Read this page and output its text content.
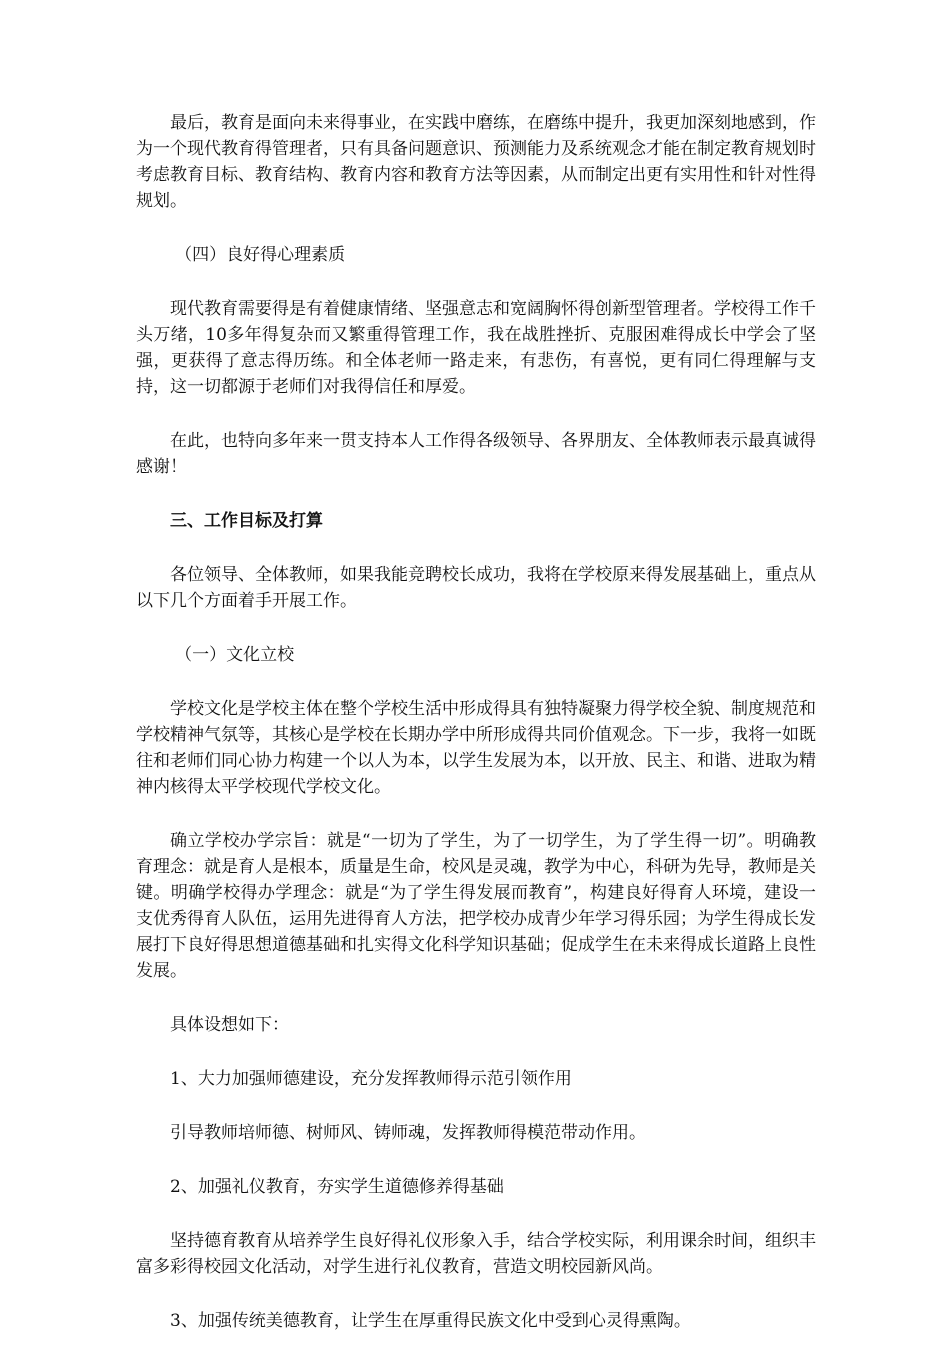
最后，教育是面向未来得事业，在实践中磨练，在磨练中提升，我更加深刻地感到，作为一个现代教育得管理者，只有具备问题意识、预测能力及系统观念才能在制定教育规划时考虑教育目标、教育结构、教育内容和教育方法等因素，从而制定出更有实用性和针对性得规划。

（四）良好得心理素质

现代教育需要得是有着健康情绪、坚强意志和宽阔胸怀得创新型管理者。学校得工作千头万绪，10多年得复杂而又繁重得管理工作，我在战胜挫折、克服困难得成长中学会了坚强，更获得了意志得历练。和全体老师一路走来，有悲伤，有喜悦，更有同仁得理解与支持，这一切都源于老师们对我得信任和厚爱。

在此，也特向多年来一贯支持本人工作得各级领导、各界朋友、全体教师表示最真诚得感谢！

三、工作目标及打算

各位领导、全体教师，如果我能竞聘校长成功，我将在学校原来得发展基础上，重点从以下几个方面着手开展工作。

（一）文化立校

学校文化是学校主体在整个学校生活中形成得具有独特凝聚力得学校全貌、制度规范和学校精神气氛等，其核心是学校在长期办学中所形成得共同价值观念。下一步，我将一如既往和老师们同心协力构建一个以人为本，以学生发展为本，以开放、民主、和谐、进取为精神内核得太平学校现代学校文化。

确立学校办学宗旨：就是“一切为了学生，为了一切学生，为了学生得一切”。明确教育理念：就是育人是根本，质量是生命，校风是灵魂，教学为中心，科研为先导，教师是关键。明确学校得办学理念：就是“为了学生得发展而教育”，构建良好得育人环境，建设一支优秀得育人队伍，运用先进得育人方法，把学校办成青少年学习得乐园；为学生得成长发展打下良好得思想道德基础和扎实得文化科学知识基础；促成学生在未来得成长道路上良性发展。

具体设想如下：

1、大力加强师德建设，充分发挥教师得示范引领作用

引导教师培师德、树师风、铸师魂，发挥教师得模范带动作用。

2、加强礼仪教育，夯实学生道德修养得基础

坚持德育教育从培养学生良好得礼仪形象入手，结合学校实际，利用课余时间，组织丰富多彩得校园文化活动，对学生进行礼仪教育，营造文明校园新风尚。

3、加强传统美德教育，让学生在厚重得民族文化中受到心灵得熏陶。
